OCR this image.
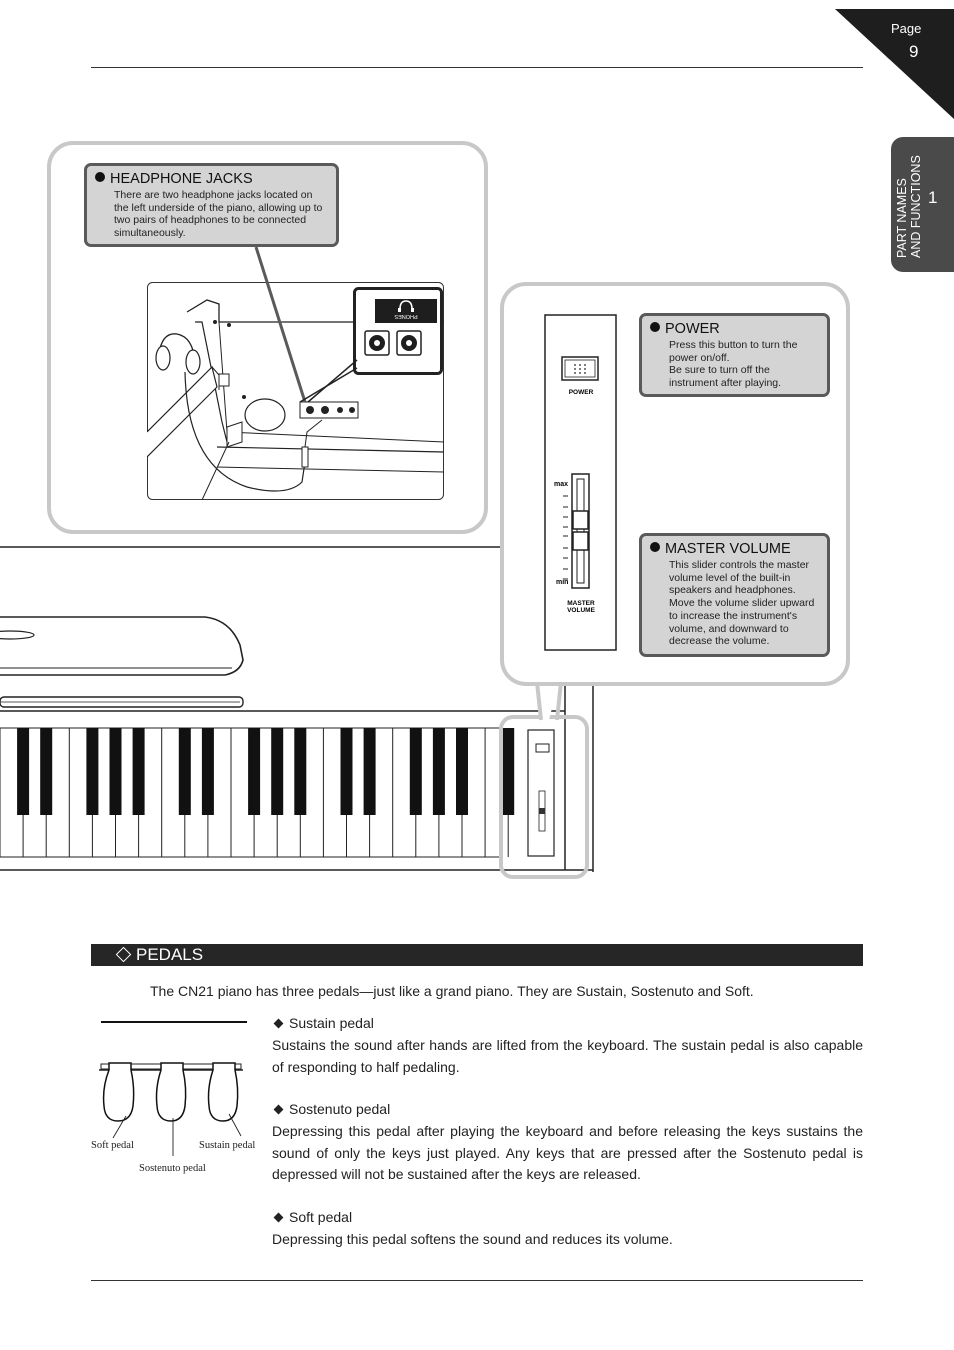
Page
9
PART NAMES AND FUNCTIONS 1
PHONES
HEADPHONE JACKS
There are two headphone jacks located on the left underside of the piano, allowing up to two pairs of headphones to be connected simultaneously.
POWER
max
min
MASTER
VOLUME
POWER
Press this button to turn the power on/off.
Be sure to turn off the instrument after playing.
MASTER VOLUME
This slider controls the master volume level of the built-in speakers and headphones. Move the volume slider upward to increase the instrument's volume, and downward to decrease the volume.
PEDALS
The CN21 piano has three pedals—just like a grand piano. They are Sustain, Sostenuto and Soft.
Soft pedal	Sustain pedal
Sostenuto pedal
Sustain pedal
Sustains the sound after hands are lifted from the keyboard. The sustain pedal is also capable of responding to half pedaling.
Sostenuto pedal
Depressing this pedal after playing the keyboard and before releasing the keys sustains the sound of only the keys just played. Any keys that are pressed after the Sostenuto pedal is depressed will not be sustained after the keys are released.
Soft pedal
Depressing this pedal softens the sound and reduces its volume.
